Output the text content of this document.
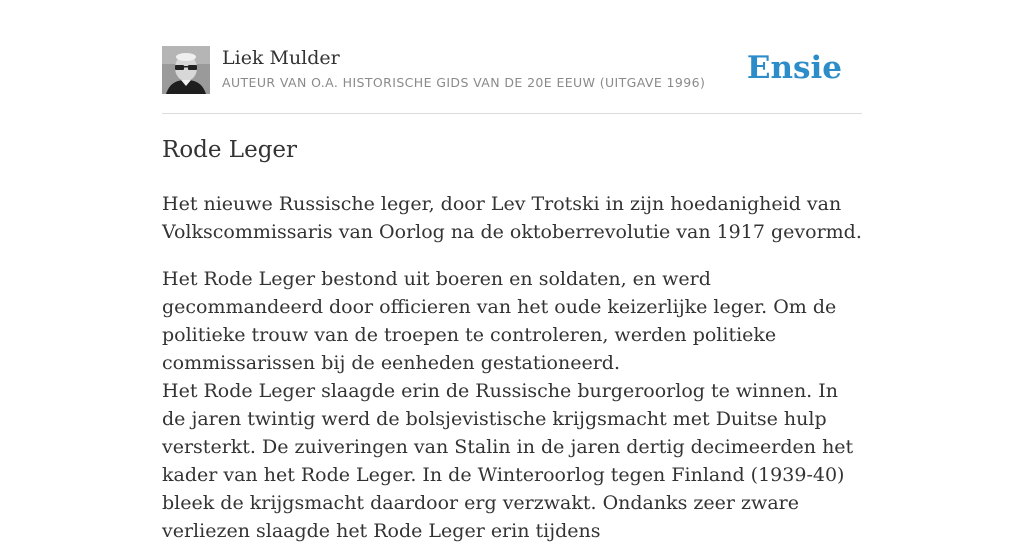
Liek Mulder
AUTEUR VAN O.A. HISTORISCHE GIDS VAN DE 20E EEUW (UITGAVE 1996) Ensie
Rode Leger

Het nieuwe Russische leger, door Lev Trotski in zijn hoedanigheid van Volkscommissaris van Oorlog na de oktoberrevolutie van 1917 gevormd.

Het Rode Leger bestond uit boeren en soldaten, en werd gecommandeerd door officieren van het oude keizerlijke leger. Om de politieke trouw van de troepen te controleren, werden politieke commissarissen bij de eenheden gestationeerd.

Het Rode Leger slaagde erin de Russische burgeroorlog te winnen. In de jaren twintig werd de bolsjevistische krijgsmacht met Duitse hulp versterkt. De zuiveringen van Stalin in de jaren dertig decimeerden het kader van het Rode Leger. In de Winteroorlog tegen Finland (1939-40) bleek de krijgsmacht daardoor erg verzwakt. Ondanks zeer zware verliezen slaagde het Rode Leger erin tijdens
